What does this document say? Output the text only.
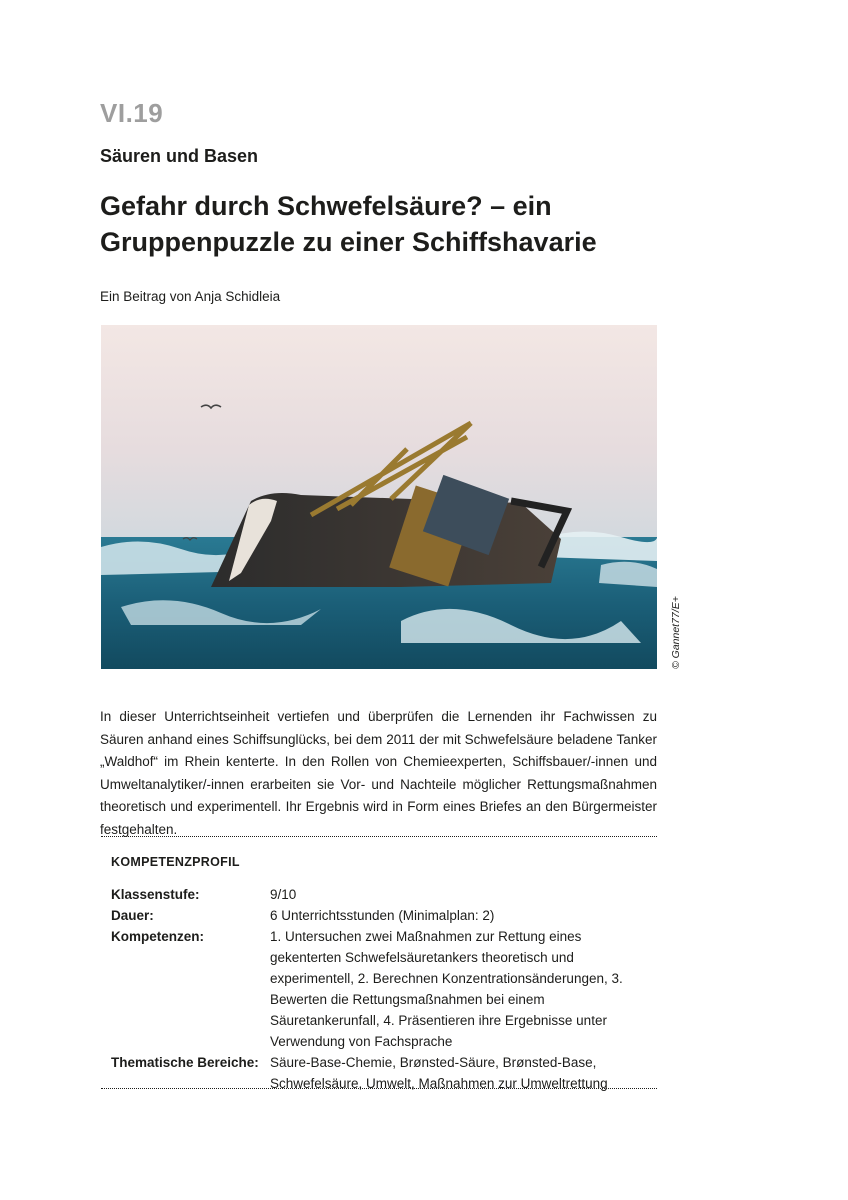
VI.19
Säuren und Basen
Gefahr durch Schwefelsäure? – ein
Gruppenpuzzle zu einer Schiffshavarie
Ein Beitrag von Anja Schidleia
© Gannet77/E+

In dieser Unterrichtseinheit vertiefen und überprüfen die Lernenden ihr Fachwissen zu Säuren anhand eines Schiffsunglücks, bei dem 2011 der mit Schwefelsäure beladene Tanker „Waldhof“ im Rhein kenterte. In den Rollen von Chemieexperten, Schiffsbauer/-innen und Umweltanalytiker/-innen erarbeiten sie Vor- und Nachteile möglicher Rettungsmaßnahmen theoretisch und experimentell. Ihr Ergebnis wird in Form eines Briefes an den Bürgermeister festgehalten.

KOMPETENZPROFIL
Klassenstufe:	9/10
Dauer:	6 Unterrichtsstunden (Minimalplan: 2)
Kompetenzen:	1. Untersuchen zwei Maßnahmen zur Rettung eines gekenterten Schwefelsäuretankers theoretisch und experimentell, 2. Berechnen Konzentrationsänderungen, 3. Bewerten die Rettungsmaßnahmen bei einem Säuretankerunfall, 4. Präsentieren ihre Ergebnisse unter Verwendung von Fachsprache
Thematische Bereiche: Säure-Base-Chemie, Brønsted-Säure, Brønsted-Base, Schwefelsäure, Umwelt, Maßnahmen zur Umweltrettung
